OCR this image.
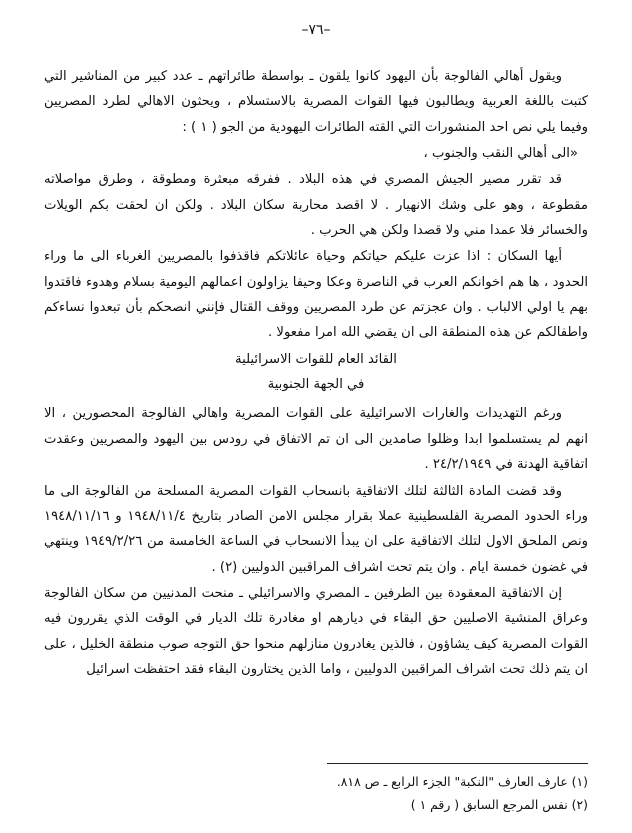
–٧٦–

ويقول أهالي الفالوجة بأن اليهود كانوا يلقون ـ بواسطة طائراتهم ـ عدد كبير من المناشير التي كتبت باللغة العربية ويطالبون فيها القوات المصرية بالاستسلام ، ويحثون الاهالي لطرد المصريين وفيما يلي نص احد المنشورات التي القته الطائرات اليهودية من الجو ( ١ ) :

«الى أهالي النقب والجنوب ،

قد تقرر مصير الجيش المصري في هذه البلاد . ففرقه مبعثرة ومطوقة ، وطرق مواصلاته مقطوعة ، وهو على وشك الانهيار . لا اقصد محاربة سكان البلاد . ولكن ان لحقت بكم الويلات والخسائر فلا عمدا مني ولا قصدا ولكن هي الحرب .

أيها السكان : اذا عزت عليكم حياتكم وحياة عائلاتكم فاقذفوا بالمصريين الغرباء الى ما وراء الحدود ، ها هم اخوانكم العرب في الناصرة وعكا وحيفا يزاولون اعمالهم اليومية بسلام وهدوء فاقتدوا بهم يا اولي الالباب . وان عجزتم عن طرد المصريين ووقف القتال فإنني انصحكم بأن تبعدوا نساءكم واطفالكم عن هذه المنطقة الى ان يقضي الله امرا مفعولا .

القائد العام للقوات الاسرائيلية

في الجهة الجنوبية

ورغم التهديدات والغارات الاسرائيلية على القوات المصرية واهالي الفالوجة المحصورين ، الا انهم لم يستسلموا ابدا وظلوا صامدين الى ان تم الاتفاق في رودس بين اليهود والمصريين وعقدت اتفاقية الهدنة في ٢٤/٢/١٩٤٩ .

وقد قضت المادة الثالثة لتلك الاتفاقية بانسحاب القوات المصرية المسلحة من الفالوجة الى ما وراء الحدود المصرية الفلسطينية عملا بقرار مجلس الامن الصادر بتاريخ ١٩٤٨/١١/٤ و ١٩٤٨/١١/١٦ ونص الملحق الاول لتلك الاتفاقية على ان يبدأ الانسحاب في الساعة الخامسة من ١٩٤٩/٢/٢٦ وينتهي في غضون خمسة ايام . وان يتم تحت اشراف المراقبين الدوليين (٢) .

إن الاتفاقية المعقودة بين الطرفين ـ المصري والاسرائيلي ـ منحت المدنيين من سكان الفالوجة وعراق المنشية الاصليين حق البقاء في ديارهم او مغادرة تلك الديار في الوقت الذي يقررون فيه القوات المصرية كيف يشاؤون ، فالذين يغادرون منازلهم منحوا حق التوجه صوب منطقة الخليل ، على ان يتم ذلك تحت اشراف المراقبين الدوليين ، واما الذين يختارون البقاء فقد احتفظت اسرائيل

(١) عارف العارف "النكبة" الجزء الرابع ـ ص ٨١٨.

(٢) نفس المرجع السابق ( رقم ١ )
